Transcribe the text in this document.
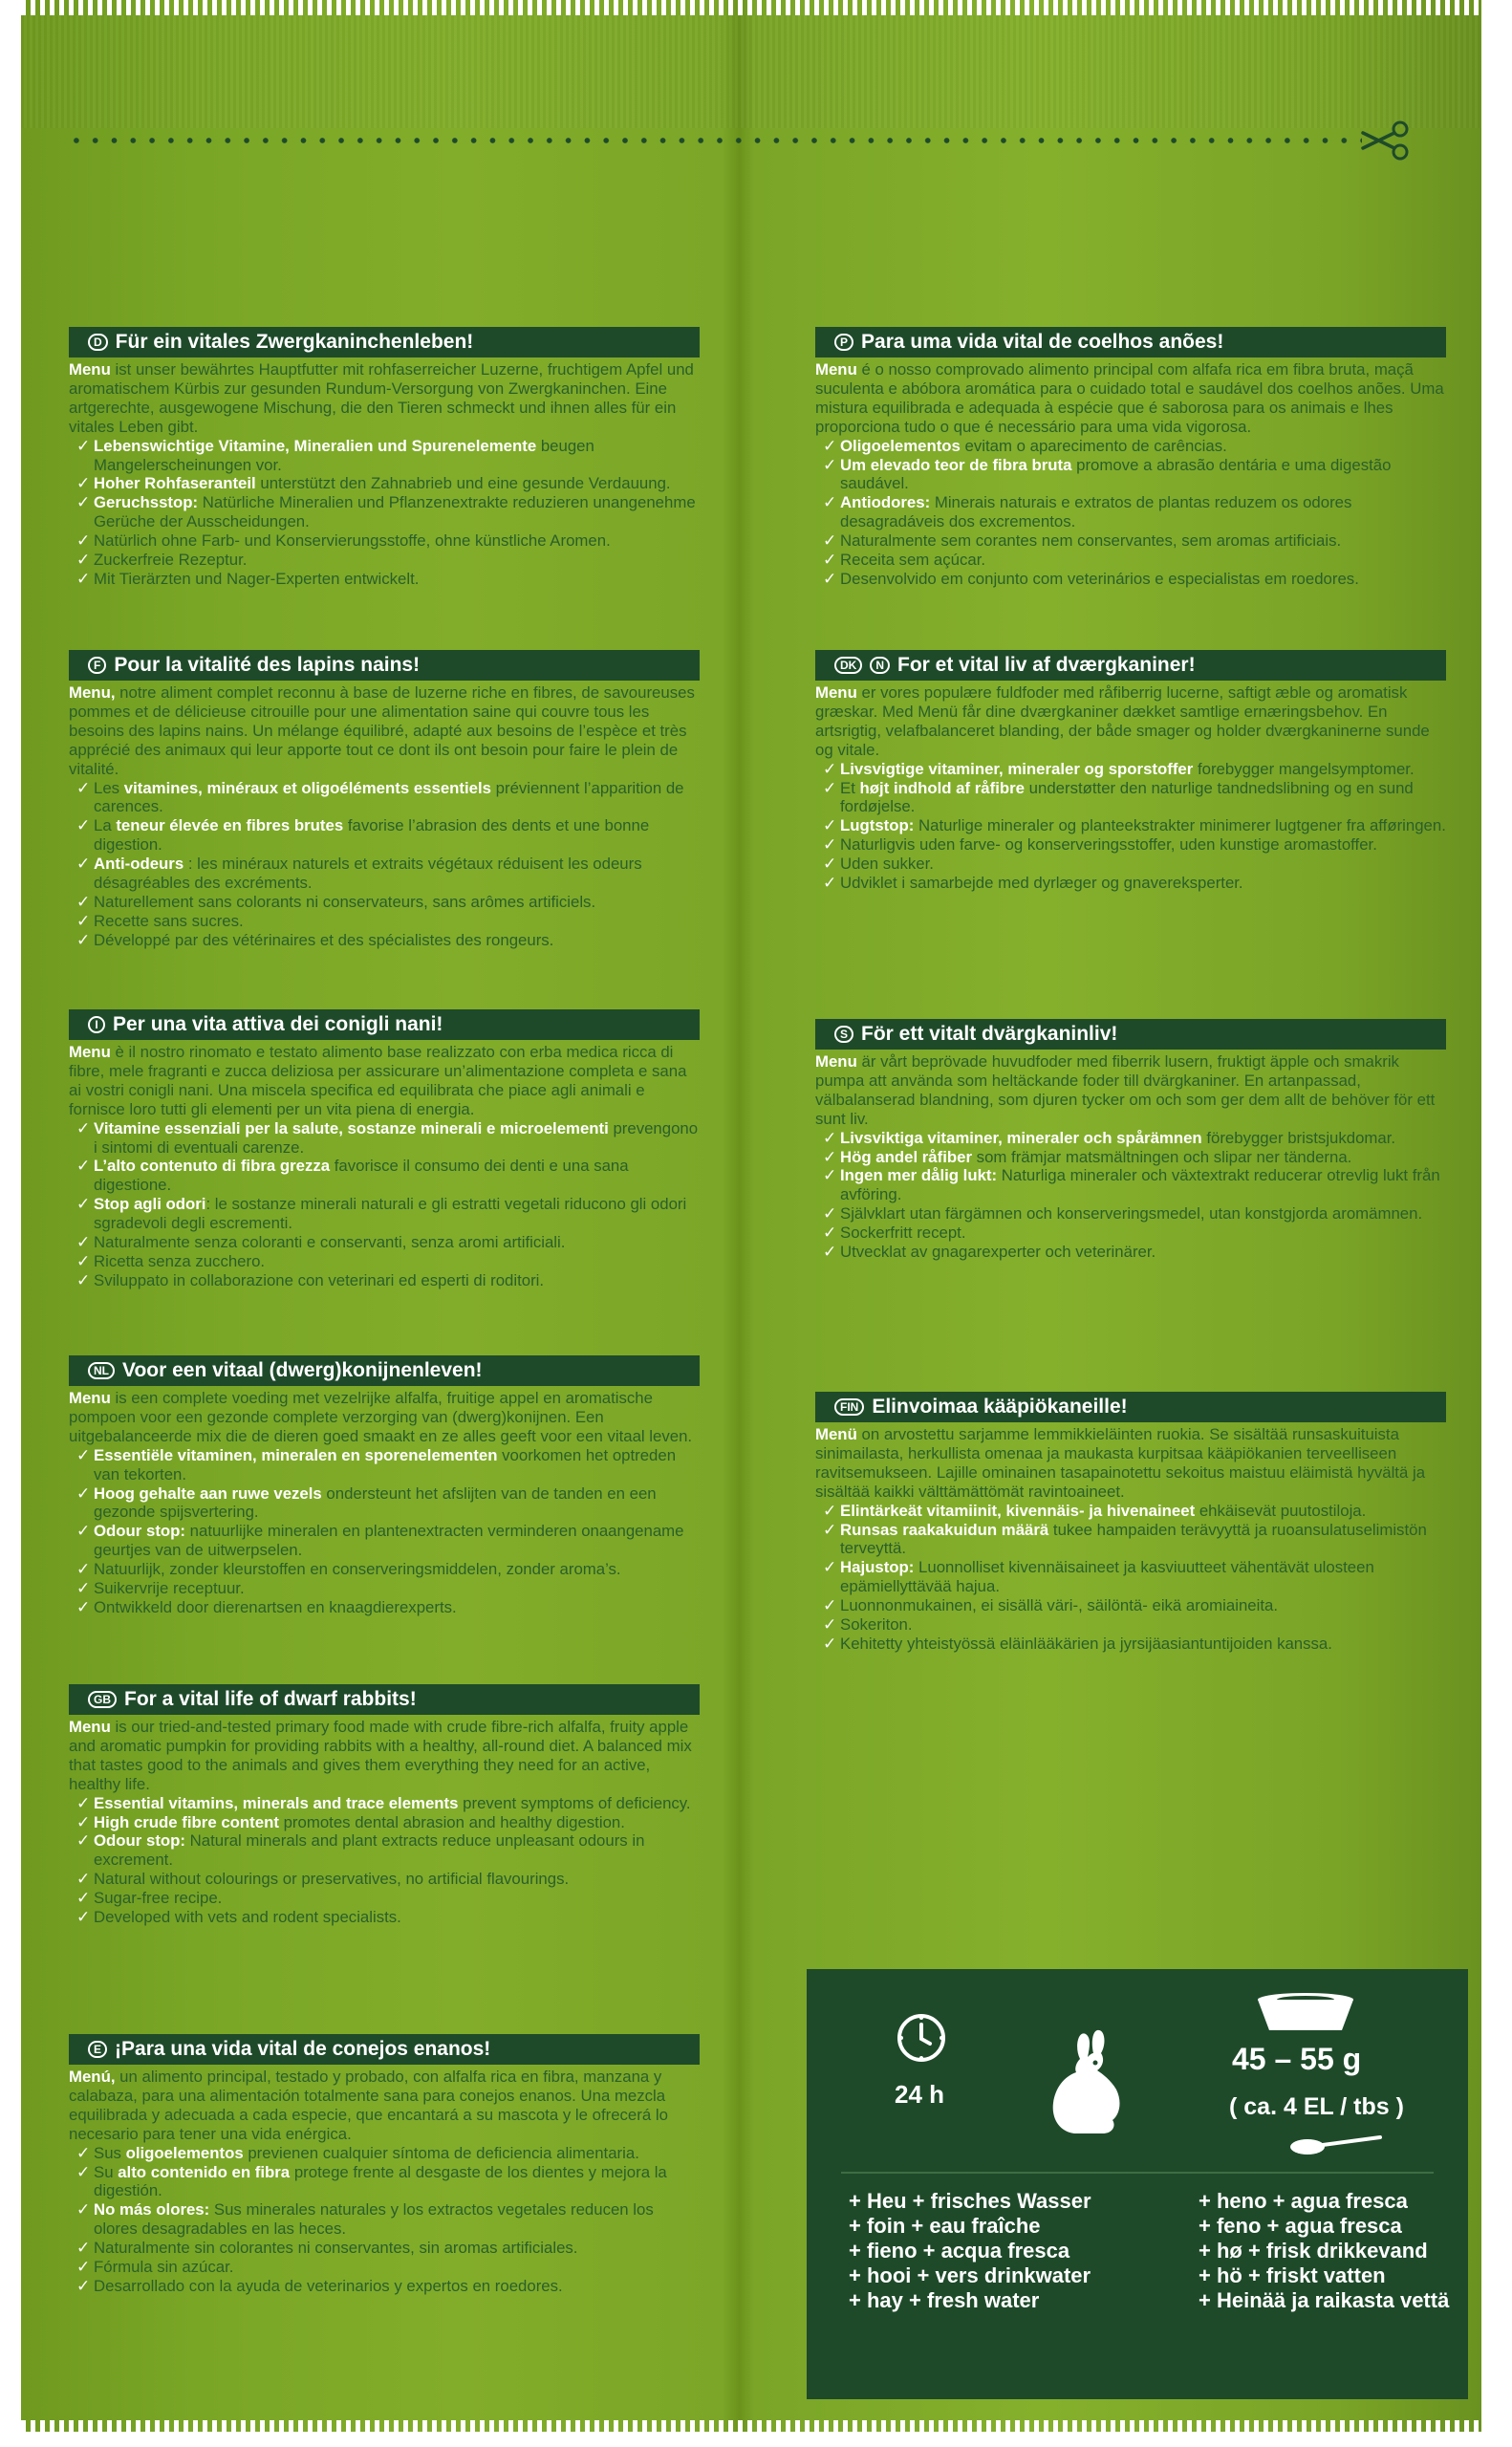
D Für ein vitales Zwergkaninchenleben!

Menu ist unser bewährtes Hauptfutter mit rohfaserreicher Luzerne, fruchtigem Apfel und aromatischem Kürbis zur gesunden Rundum-Versorgung von Zwergkaninchen. Eine artgerechte, ausgewogene Mischung, die den Tieren schmeckt und ihnen alles für ein vitales Leben gibt.

✓ Lebenswichtige Vitamine, Mineralien und Spurenelemente beugen Mangelerscheinungen vor.
✓ Hoher Rohfaseranteil unterstützt den Zahnabrieb und eine gesunde Verdauung.
✓ Geruchsstop: Natürliche Mineralien und Pflanzenextrakte reduzieren unangenehme Gerüche der Ausscheidungen.
✓ Natürlich ohne Farb- und Konservierungsstoffe, ohne künstliche Aromen.
✓ Zuckerfreie Rezeptur.
✓ Mit Tierärzten und Nager-Experten entwickelt.
F Pour la vitalité des lapins nains!

Menu, notre aliment complet reconnu à base de luzerne riche en fibres, de savoureuses pommes et de délicieuse citrouille pour une alimentation saine qui couvre tous les besoins des lapins nains. Un mélange équilibré, adapté aux besoins de l’espèce et très apprécié des animaux qui leur apporte tout ce dont ils ont besoin pour faire le plein de vitalité.

✓ Les vitamines, minéraux et oligoéléments essentiels préviennent l’apparition de carences.
✓ La teneur élevée en fibres brutes favorise l’abrasion des dents et une bonne digestion.
✓ Anti-odeurs : les minéraux naturels et extraits végétaux réduisent les odeurs désagréables des excréments.
✓ Naturellement sans colorants ni conservateurs, sans arômes artificiels.
✓ Recette sans sucres.
✓ Développé par des vétérinaires et des spécialistes des rongeurs.
I Per una vita attiva dei conigli nani!

Menu è il nostro rinomato e testato alimento base realizzato con erba medica ricca di fibre, mele fragranti e zucca deliziosa per assicurare un’alimentazione completa e sana ai vostri conigli nani. Una miscela specifica ed equilibrata che piace agli animali e fornisce loro tutti gli elementi per un vita piena di energia.

✓ Vitamine essenziali per la salute, sostanze minerali e microelementi prevengono i sintomi di eventuali carenze.
✓ L’alto contenuto di fibra grezza favorisce il consumo dei denti e una sana digestione.
✓ Stop agli odori: le sostanze minerali naturali e gli estratti vegetali riducono gli odori sgradevoli degli escrementi.
✓ Naturalmente senza coloranti e conservanti, senza aromi artificiali.
✓ Ricetta senza zucchero.
✓ Sviluppato in collaborazione con veterinari ed esperti di roditori.
NL Voor een vitaal (dwerg)konijnenleven!

Menu is een complete voeding met vezelrijke alfalfa, fruitige appel en aromatische pompoen voor een gezonde complete verzorging van (dwerg)konijnen. Een uitgebalanceerde mix die de dieren goed smaakt en ze alles geeft voor een vitaal leven.

✓ Essentiële vitaminen, mineralen en sporenelementen voorkomen het optreden van tekorten.
✓ Hoog gehalte aan ruwe vezels ondersteunt het afslijten van de tanden en een gezonde spijsvertering.
✓ Odour stop: natuurlijke mineralen en plantenextracten verminderen onaangename geurtjes van de uitwerpselen.
✓ Natuurlijk, zonder kleurstoffen en conserveringsmiddelen, zonder aroma’s.
✓ Suikervrije receptuur.
✓ Ontwikkeld door dierenartsen en knaagdierexperts.
GB For a vital life of dwarf rabbits!

Menu is our tried-and-tested primary food made with crude fibre-rich alfalfa, fruity apple and aromatic pumpkin for providing rabbits with a healthy, all-round diet. A balanced mix that tastes good to the animals and gives them everything they need for an active, healthy life.

✓ Essential vitamins, minerals and trace elements prevent symptoms of deficiency.
✓ High crude fibre content promotes dental abrasion and healthy digestion.
✓ Odour stop: Natural minerals and plant extracts reduce unpleasant odours in excrement.
✓ Natural without colourings or preservatives, no artificial flavourings.
✓ Sugar-free recipe.
✓ Developed with vets and rodent specialists.
E ¡Para una vida vital de conejos enanos!

Menú, un alimento principal, testado y probado, con alfalfa rica en fibra, manzana y calabaza, para una alimentación totalmente sana para conejos enanos. Una mezcla equilibrada y adecuada a cada especie, que encantará a su mascota y le ofrecerá lo necesario para tener una vida enérgica.

✓ Sus oligoelementos previenen cualquier síntoma de deficiencia alimentaria.
✓ Su alto contenido en fibra protege frente al desgaste de los dientes y mejora la digestión.
✓ No más olores: Sus minerales naturales y los extractos vegetales reducen los olores desagradables en las heces.
✓ Naturalmente sin colorantes ni conservantes, sin aromas artificiales.
✓ Fórmula sin azúcar.
✓ Desarrollado con la ayuda de veterinarios y expertos en roedores.
P Para uma vida vital de coelhos anões!

Menu é o nosso comprovado alimento principal com alfafa rica em fibra bruta, maçã suculenta e abóbora aromática para o cuidado total e saudável dos coelhos anões. Uma mistura equilibrada e adequada à espécie que é saborosa para os animais e lhes proporciona tudo o que é necessário para uma vida vigorosa.

✓ Oligoelementos evitam o aparecimento de carências.
✓ Um elevado teor de fibra bruta promove a abrasão dentária e uma digestão saudável.
✓ Antiodores: Minerais naturais e extratos de plantas reduzem os odores desagradáveis dos excrementos.
✓ Naturalmente sem corantes nem conservantes, sem aromas artificiais.
✓ Receita sem açúcar.
✓ Desenvolvido em conjunto com veterinários e especialistas em roedores.
DK	N For et vital liv af dværgkaniner!

Menu er vores populære fuldfoder med råfiberrig lucerne, saftigt æble og aromatisk græskar. Med Menü får dine dværgkaniner dækket samtlige ernæringsbehov. En artsrigtig, velafbalanceret blanding, der både smager og holder dværgkaninerne sunde og vitale.

✓ Livsvigtige vitaminer, mineraler og sporstoffer forebygger mangelsymptomer.
✓ Et højt indhold af råfibre understøtter den naturlige tandnedslibning og en sund fordøjelse.
✓ Lugtstop: Naturlige mineraler og planteekstrakter minimerer lugtgener fra afføringen.
✓ Naturligvis uden farve- og konserveringsstoffer, uden kunstige aromastoffer.
✓ Uden sukker.
✓ Udviklet i samarbejde med dyrlæger og gnavereksperter.
S För ett vitalt dvärgkaninliv!

Menu är vårt beprövade huvudfoder med fiberrik lusern, fruktigt äpple och smakrik pumpa att använda som heltäckande foder till dvärgkaniner. En artanpassad, välbalanserad blandning, som djuren tycker om och som ger dem allt de behöver för ett sunt liv.

✓ Livsviktiga vitaminer, mineraler och spårämnen förebygger bristsjukdomar.
✓ Hög andel råfiber som främjar matsmältningen och slipar ner tänderna.
✓ Ingen mer dålig lukt: Naturliga mineraler och växtextrakt reducerar otrevlig lukt från avföring.
✓ Självklart utan färgämnen och konserveringsmedel, utan konstgjorda aromämnen.
✓ Sockerfritt recept.
✓ Utvecklat av gnagarexperter och veterinärer.
FIN Elinvoimaa kääpiökaneille!

Menü on arvostettu sarjamme lemmikkieläinten ruokia. Se sisältää runsaskuituista sinimailasta, herkullista omenaa ja maukasta kurpitsaa kääpiökanien terveelliseen ravitsemukseen. Lajille ominainen tasapainotettu sekoitus maistuu eläimistä hyvältä ja sisältää kaikki välttämättömät ravintoaineet.

✓ Elintärkeät vitamiinit, kivennäis- ja hivenaineet ehkäisevät puutostiloja.
✓ Runsas raakakuidun määrä tukee hampaiden terävyyttä ja ruoansulatuselimistön terveyttä.
✓ Hajustop: Luonnolliset kivennäisaineet ja kasviuutteet vähentävät ulosteen epämiellyttävää hajua.
✓ Luonnonmukainen, ei sisällä väri-, säilöntä- eikä aromiaineita.
✓ Sokeriton.
✓ Kehitetty yhteistyössä eläinlääkärien ja jyrsijäasiantuntijoiden kanssa.
24 h
45 – 55 g
( ca. 4 EL / tbs )
+ Heu + frisches Wasser
+ foin + eau fraîche
+ fieno + acqua fresca
+ hooi + vers drinkwater
+ hay + fresh water
+ heno + agua fresca
+ feno + agua fresca
+ hø + frisk drikkevand
+ hö + friskt vatten
+ Heinää ja raikasta vettä
